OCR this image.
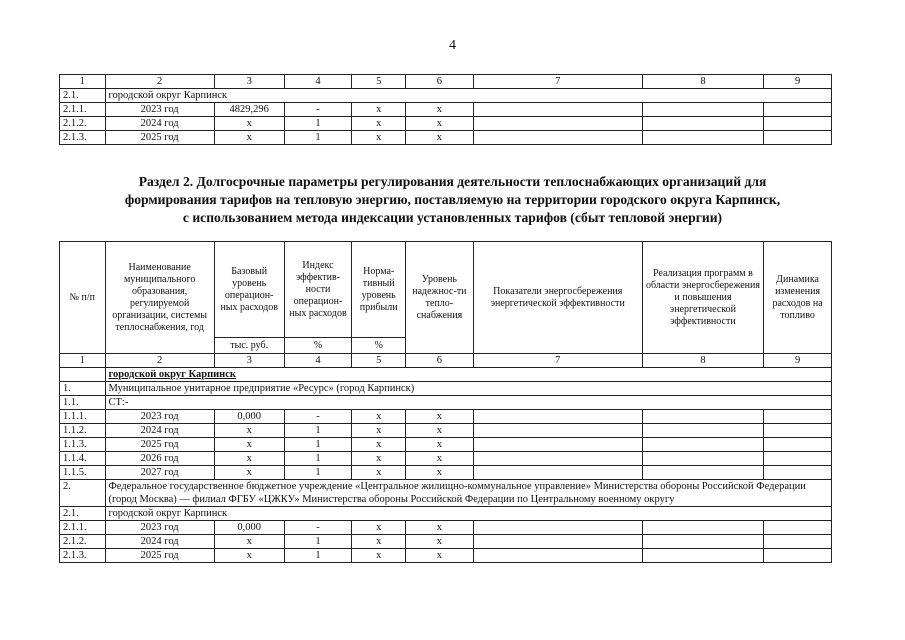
4
1	2	3	4	5	6	7	8	9
2.1.	городской округ Карпинск							
2.1.1.	2023 год	4829,296	-	x	x			
2.1.2.	2024 год	x	1	x	x			
2.1.3.	2025 год	x	1	x	x			
Раздел 2. Долгосрочные параметры регулирования деятельности теплоснабжающих организаций для
формирования тарифов на тепловую энергию, поставляемую на территории городского округа Карпинск,
с использованием метода индексации установленных тарифов (сбыт тепловой энергии)
№ п/п	Наименование муниципального образования, регулируемой организации, системы теплоснабжения, год	Базовый уровень операцион-ных расходов	Индекс эффектив-ности операцион-ных расходов	Норма-тивный уровень прибыли	Уровень надежнос-ти тепло-снабжения	Показатели энергосбережения энергетической эффективности	Реализация программ в области энергосбережения и повышения энергетической эффективности	Динамика изменения расходов на топливо
		тыс. руб.	%	%				
1	2	3	4	5	6	7	8	9
	городской округ Карпинск							
1.	Муниципальное унитарное предприятие «Ресурс» (город Карпинск)							
1.1.	СТ:-							
1.1.1.	2023 год	0,000	-	x	x			
1.1.2.	2024 год	x	1	x	x			
1.1.3.	2025 год	x	1	x	x			
1.1.4.	2026 год	x	1	x	x			
1.1.5.	2027 год	x	1	x	x			
2.	Федеральное государственное бюджетное учреждение «Центральное жилищно-коммунальное управление» Министерства обороны Российской Федерации (город Москва) — филиал ФГБУ «ЦЖКУ» Министерства обороны Российской Федерации по Центральному военному округу							
2.1.	городской округ Карпинск							
2.1.1.	2023 год	0,000	-	x	x			
2.1.2.	2024 год	x	1	x	x			
2.1.3.	2025 год	x	1	x	x			
